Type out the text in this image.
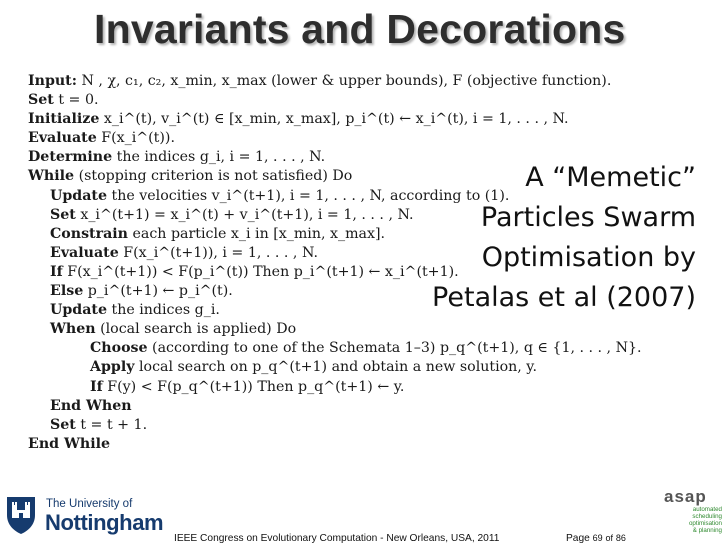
Invariants and Decorations
Input: N , χ, c₁, c₂, x_min, x_max (lower & upper bounds), F (objective function).
Set t = 0.
Initialize x_i^(t), v_i^(t) ∈ [x_min, x_max], p_i^(t) ← x_i^(t), i = 1, . . . , N.
Evaluate F(x_i^(t)).
Determine the indices g_i, i = 1, . . . , N.
While (stopping criterion is not satisfied) Do
Update the velocities v_i^(t+1), i = 1, . . . , N, according to (1).
Set x_i^(t+1) = x_i^(t) + v_i^(t+1), i = 1, . . . , N.
Constrain each particle x_i in [x_min, x_max].
Evaluate F(x_i^(t+1)), i = 1, . . . , N.
If F(x_i^(t+1)) < F(p_i^(t)) Then p_i^(t+1) ← x_i^(t+1).
Else p_i^(t+1) ← p_i^(t).
Update the indices g_i.
When (local search is applied) Do
Choose (according to one of the Schemata 1–3) p_q^(t+1), q ∈ {1, . . . , N}.
Apply local search on p_q^(t+1) and obtain a new solution, y.
If F(y) < F(p_q^(t+1)) Then p_q^(t+1) ← y.
End When
Set t = t + 1.
End While
A “Memetic”
Particles Swarm
Optimisation by
Petalas et al (2007)
The University of
Nottingham
IEEE Congress on Evolutionary Computation - New Orleans, USA, 2011	Page 69 of 86
asap
automated
scheduling
optimisation
& planning
